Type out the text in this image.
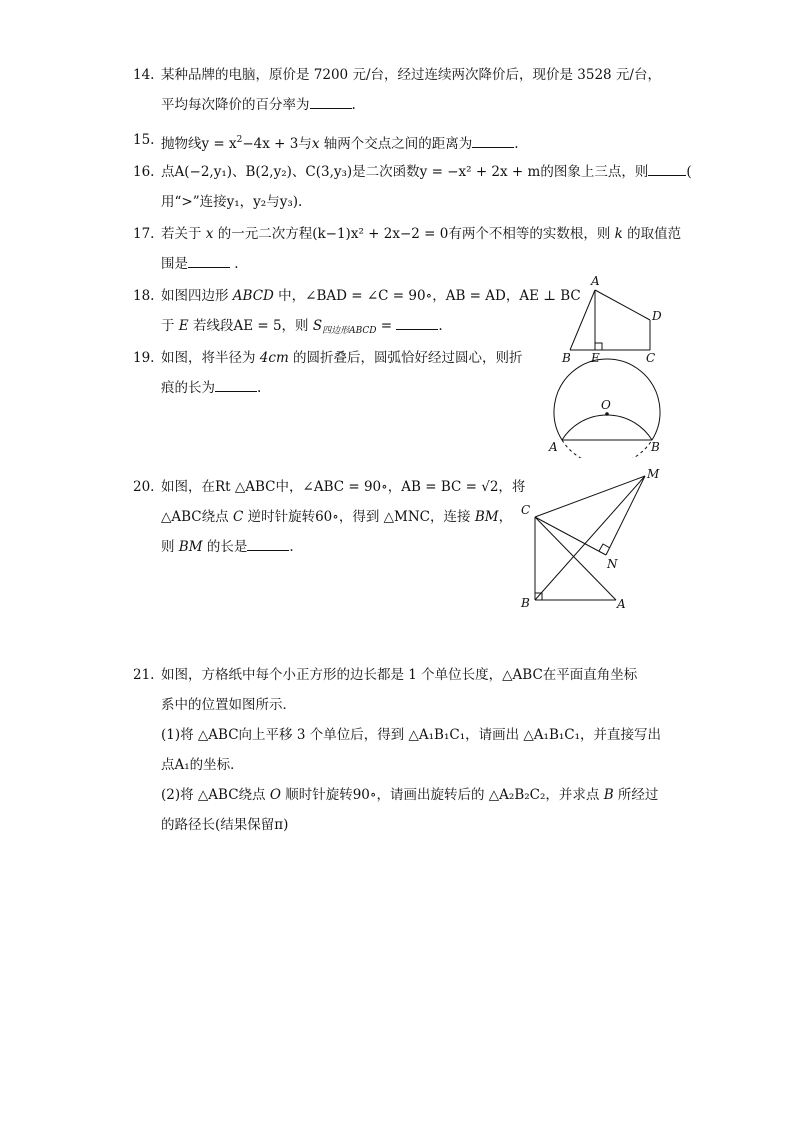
14. 某种品牌的电脑，原价是 7200 元/台，经过连续两次降价后，现价是 3528 元/台，
平均每次降价的百分率为	.
15. 抛物线$y = x^2-4x + 3$与x 轴两个交点之间的距离为	.
16. 点A(−2,y₁)、B(2,y₂)、C(3,y₃)是二次函数y = −x² + 2x + m的图象上三点，则	(
用“>”连接y₁，y₂与y₃).
17. 若关于 x 的一元二次方程(k−1)x² + 2x−2 = 0有两个不相等的实数根，则 k 的取值范
围是	.
18. 如图四边形 ABCD 中，∠BAD = ∠C = 90∘，AB = AD，AE ⊥ BC
于 E 若线段AE = 5，则 $S_{四边形ABCD}$ =	.
19. 如图，将半径为 4cm 的圆折叠后，圆弧恰好经过圆心，则折
痕的长为	.
20. 如图，在Rt △ABC中，∠ABC = 90∘，AB = BC = √2，将
△ABC绕点 C 逆时针旋转60∘，得到 △MNC，连接 BM，
则 BM 的长是	.
21. 如图，方格纸中每个小正方形的边长都是 1 个单位长度，△ABC在平面直角坐标
系中的位置如图所示．
(1)将 △ABC向上平移 3 个单位后，得到 △A₁B₁C₁，请画出 △A₁B₁C₁，并直接写出
点A₁的坐标．
(2)将 △ABC绕点 O 顺时针旋转90∘，请画出旋转后的 △A₂B₂C₂，并求点 B 所经过
的路径长(结果保留π)
A
D
B E	C
O
A	B
M
C
N
B	A
